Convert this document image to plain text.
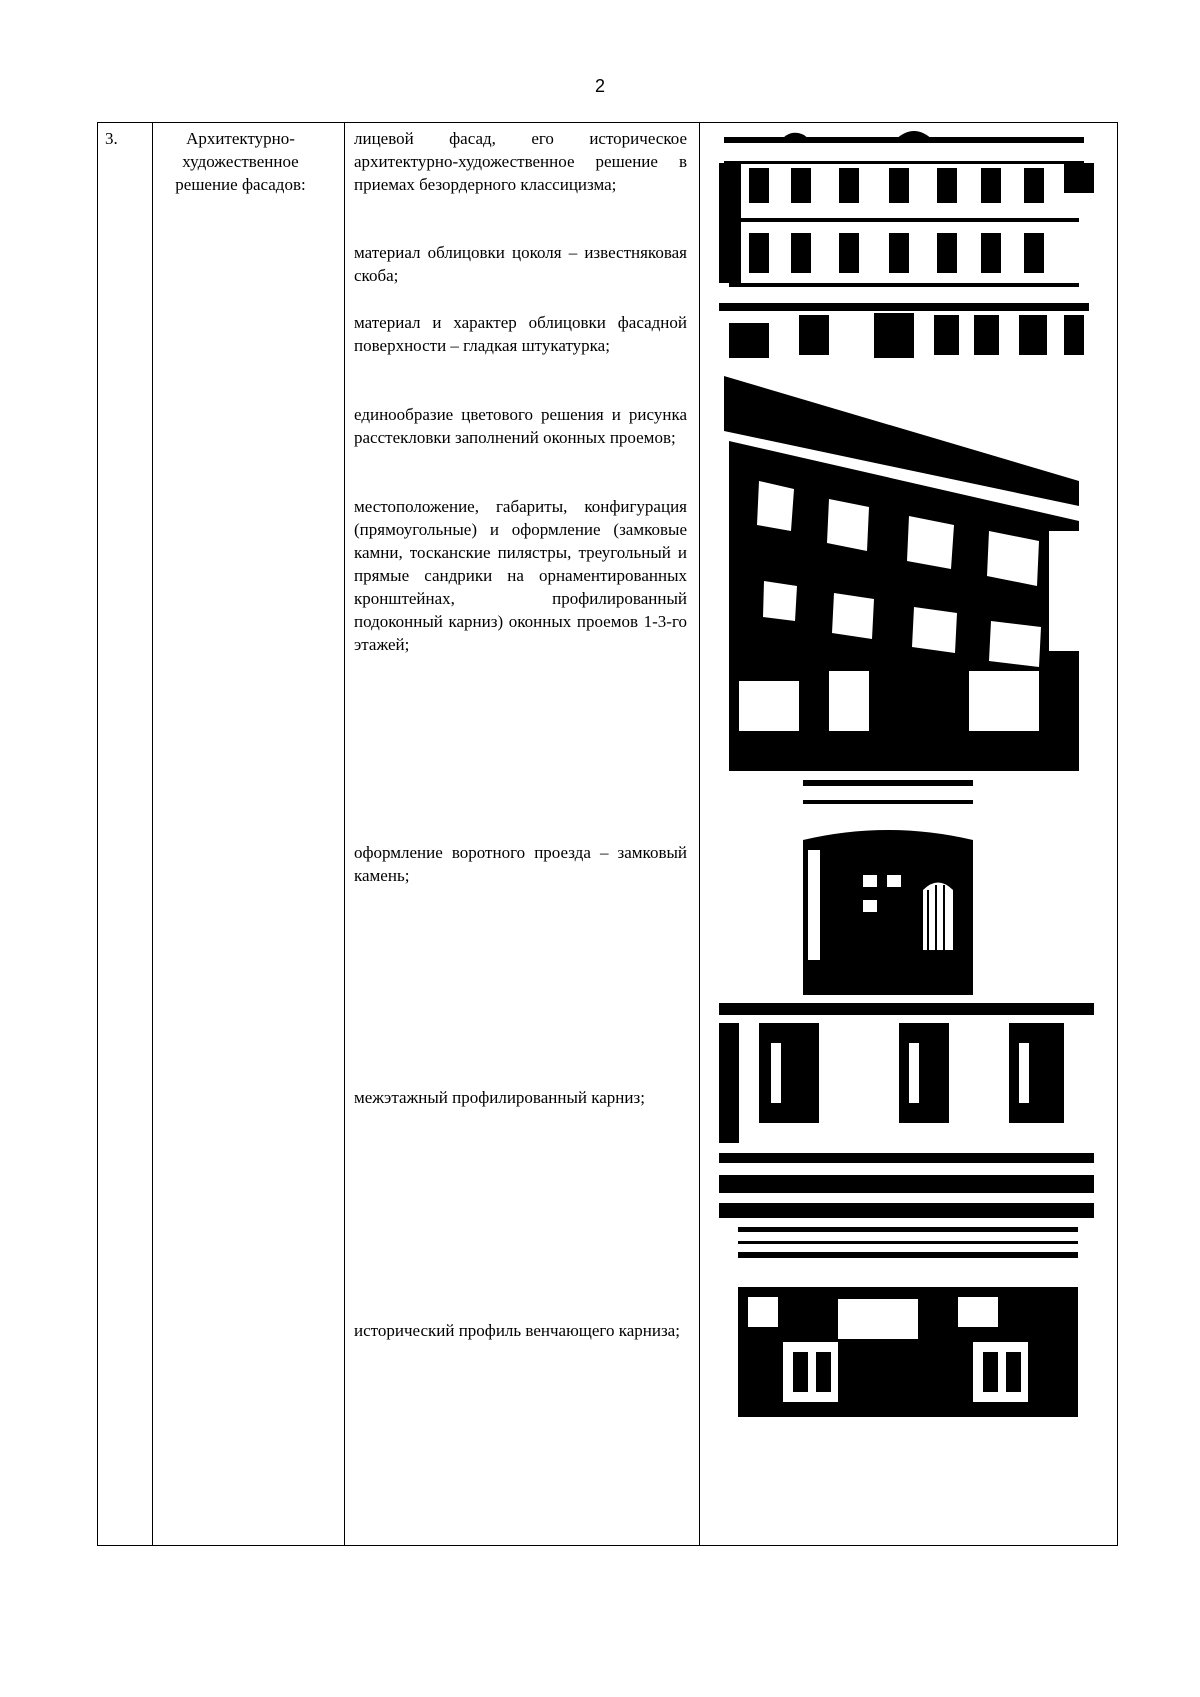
2
3.	Архитектурно-художественное решение фасадов:
лицевой фасад, его историческое архитектурно-художественное решение в приемах безордерного классицизма;
материал облицовки цоколя – известняковая скоба;
материал и характер облицовки фасадной поверхности – гладкая штукатурка;
единообразие цветового решения и рисунка расстекловки заполнений оконных проемов;
местоположение, габариты, конфигурация (прямоугольные) и оформление (замковые камни, тосканские пилястры, треугольный и прямые сандрики на орнаментированных кронштейнах, профилированный подоконный карниз) оконных проемов 1-3-го этажей;
оформление воротного проезда – замковый камень;
межэтажный профилированный карниз;
исторический профиль венчающего карниза;
